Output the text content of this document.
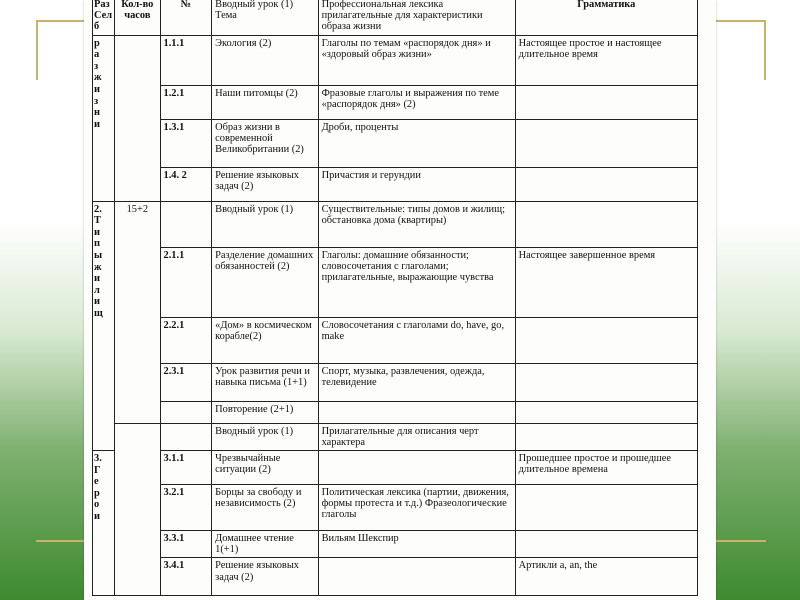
Раз Сел б	Кол-во часов	№	Вводный урок (1) Тема	Профессиональная лексика прилагательные для характеристики образа жизни	Грамматика

р а з ж и з н и		1.1.1	Экология (2)	Глаголы по темам «распорядок дня» и «здоровый образ жизни»	Настоящее простое и настоящее длительное время
		1.2.1	Наши питомцы (2)	Фразовые глаголы и выражения по теме «распорядок дня» (2)	
		1.3.1	Образ жизни в современной Великобритании (2)	Дроби, проценты	
		1.4. 2	Решение языковых задач (2)	Причастия и герундии	

2. Т и п ы ж и л и щ	15+2		Вводный урок (1)	Существительные: типы домов и жилищ; обстановка дома (квартиры)	
		2.1.1	Разделение домашних обязанностей (2)	Глаголы: домашние обязанности; словосочетания с глаголами; прилагательные, выражающие чувства	Настоящее завершенное время
		2.2.1	«Дом» в космическом корабле(2)	Словосочетания с глаголами do, have, go, make	
		2.3.1	Урок развития речи и навыка письма (1+1)	Спорт, музыка, развлечения, одежда, телевидение	
			Повторение (2+1)		
			Вводный урок (1)	Прилагательные для описания черт характера	

3. Г е р о и		3.1.1	Чрезвычайные ситуации (2)		Прошедшее простое и прошедшее длительное времена
		3.2.1	Борцы за свободу и независимость (2)	Политическая лексика (партии, движения, формы протеста и т.д.) Фразеологические глаголы	
		3.3.1	Домашнее чтение 1(+1)	Вильям Шекспир	
		3.4.1	Решение языковых задач (2)		Артикли a, an, the
